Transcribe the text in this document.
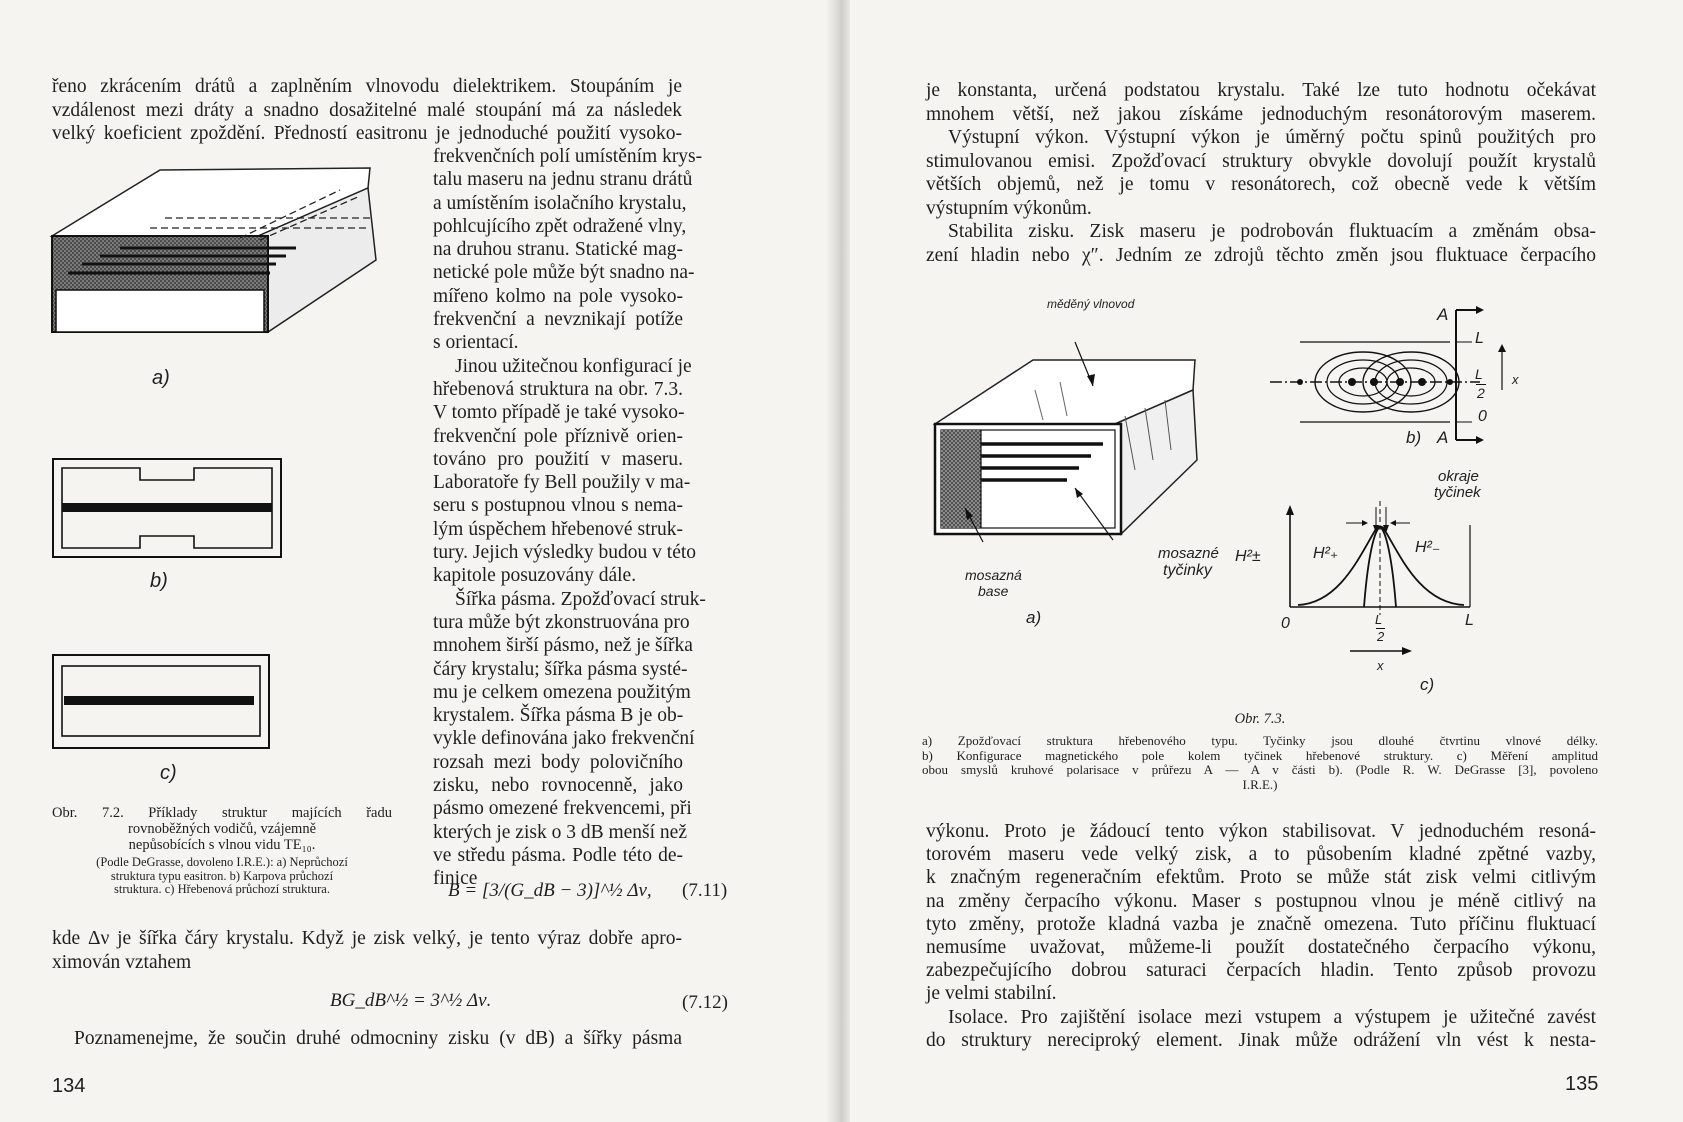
řeno zkrácením drátů a zaplněním vlnovodu dielektrikem. Stoupáním je
vzdálenost mezi dráty a snadno dosažitelné malé stoupání má za následek
velký koeficient zpoždění. Předností easitronu je jednoduché použití vysoko-
frekvenčních polí umístěním krys-
talu maseru na jednu stranu drátů
a umístěním isolačního krystalu,
pohlcujícího zpět odražené vlny,
na druhou stranu. Statické mag-
netické pole může být snadno na-
mířeno kolmo na pole vysoko-
frekvenční a nevznikají potíže
s orientací.
Jinou užitečnou konfigurací je
hřebenová struktura na obr. 7.3.
V tomto případě je také vysoko-
frekvenční pole příznivě orien-
továno pro použití v maseru.
Laboratoře fy Bell použily v ma-
seru s postupnou vlnou s nema-
lým úspěchem hřebenové struk-
tury. Jejich výsledky budou v této
kapitole posuzovány dále.
Šířka pásma. Zpožďovací struk-
tura může být zkonstruována pro
mnohem širší pásmo, než je šířka
čáry krystalu; šířka pásma systé-
mu je celkem omezena použitým
krystalem. Šířka pásma B je ob-
vykle definována jako frekvenční
rozsah mezi body polovičního
zisku, nebo rovnocenně, jako
pásmo omezené frekvencemi, při
kterých je zisk o 3 dB menší než
ve středu pásma. Podle této de-
finice
a)
b)
c)
Obr. 7.2. Příklady struktur majících řadu
rovnoběžných vodičů, vzájemně
nepůsobících s vlnou vidu TE₁₀.
(Podle DeGrasse, dovoleno I.R.E.): a) Neprůchozí
struktura typu easitron. b) Karpova průchozí
struktura. c) Hřebenová průchozí struktura.	B = [3/(G_dB − 3)]^½ Δν, (7.11)
kde Δν je šířka čáry krystalu. Když je zisk velký, je tento výraz dobře apro-
ximován vztahem
BG_dB^½ = 3^½ Δν.	(7.12)
Poznamenejme, že součin druhé odmocniny zisku (v dB) a šířky pásma
134
je konstanta, určená podstatou krystalu. Také lze tuto hodnotu očekávat
mnohem větší, než jakou získáme jednoduchým resonátorovým maserem.
Výstupní výkon. Výstupní výkon je úměrný počtu spinů použitých pro
stimulovanou emisi. Zpožďovací struktury obvykle dovolují použít krystalů
větších objemů, než je tomu v resonátorech, což obecně vede k větším
výstupním výkonům.
Stabilita zisku. Zisk maseru je podrobován fluktuacím a změnám obsa-
zení hladin nebo χ″. Jedním ze zdrojů těchto změn jsou fluktuace čerpacího
měděný vlnovod
mosazná
base
mosazné
tyčinky
a)
A
L
L
2
0
x
b) A
okraje
tyčinek
H²±	H²₊	H²₋
0	L
L
2
x
c)
Obr. 7.3.
a) Zpožďovací struktura hřebenového typu. Tyčinky jsou dlouhé čtvrtinu vlnové délky.
b) Konfigurace magnetického pole kolem tyčinek hřebenové struktury. c) Měření amplitud
obou smyslů kruhové polarisace v průřezu A — A v části b). (Podle R. W. DeGrasse [3], povoleno
I.R.E.)
výkonu. Proto je žádoucí tento výkon stabilisovat. V jednoduchém resoná-
torovém maseru vede velký zisk, a to působením kladné zpětné vazby,
k značným regeneračním efektům. Proto se může stát zisk velmi citlivým
na změny čerpacího výkonu. Maser s postupnou vlnou je méně citlivý na
tyto změny, protože kladná vazba je značně omezena. Tuto příčinu fluktuací
nemusíme uvažovat, můžeme-li použít dostatečného čerpacího výkonu,
zabezpečujícího dobrou saturaci čerpacích hladin. Tento způsob provozu
je velmi stabilní.
Isolace. Pro zajištění isolace mezi vstupem a výstupem je užitečné zavést
do struktury nereciproký element. Jinak může odrážení vln vést k nesta-
135
